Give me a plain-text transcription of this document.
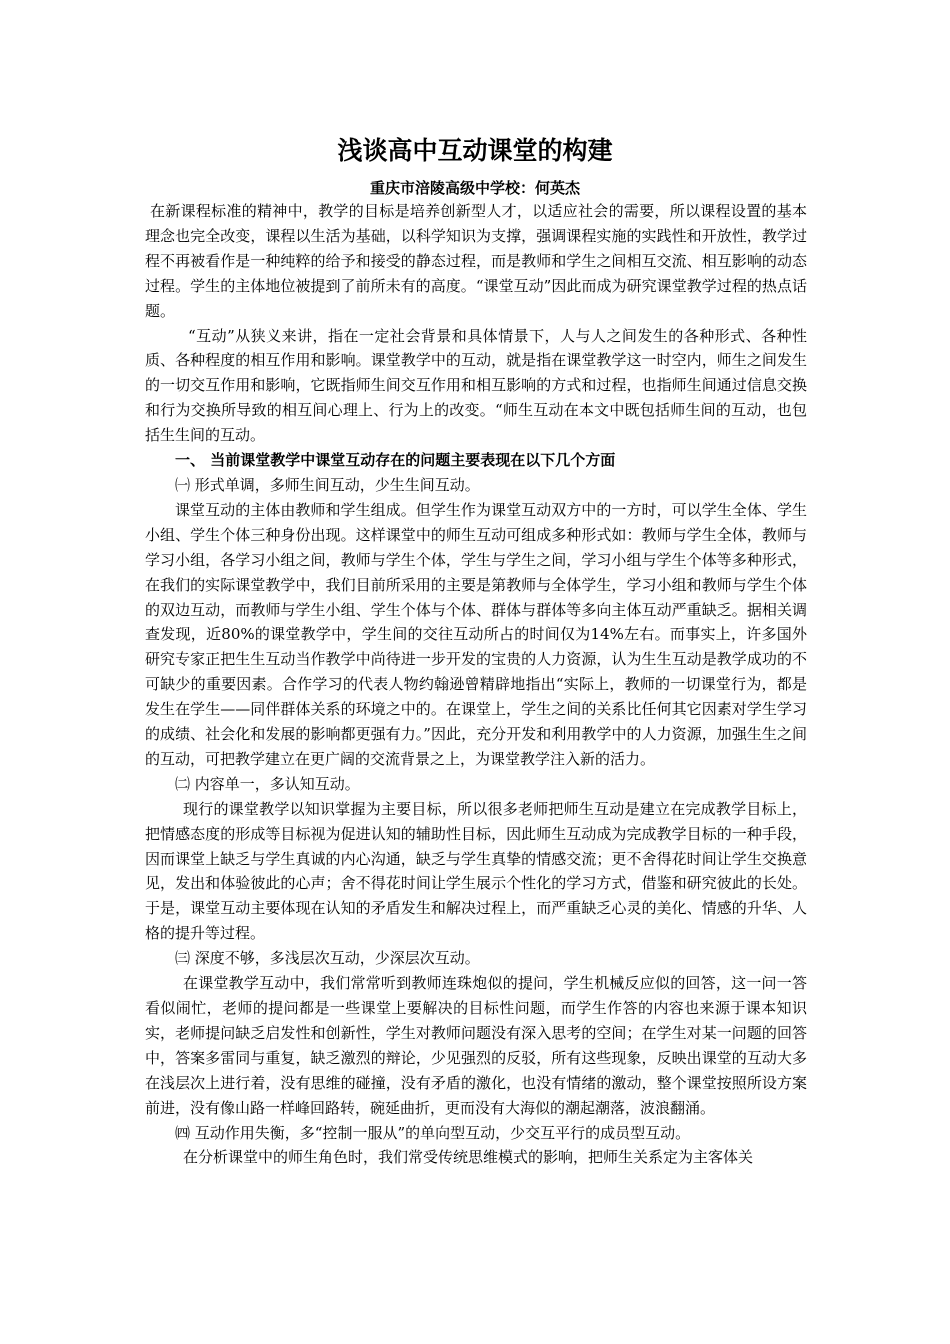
浅谈高中互动课堂的构建
重庆市涪陵高级中学校：何英杰

在新课程标准的精神中，教学的目标是培养创新型人才，以适应社会的需要，所以课程设置的基本理念也完全改变，课程以生活为基础，以科学知识为支撑，强调课程实施的实践性和开放性，教学过程不再被看作是一种纯粹的给予和接受的静态过程，而是教师和学生之间相互交流、相互影响的动态过程。学生的主体地位被提到了前所未有的高度。“课堂互动”因此而成为研究课堂教学过程的热点话题。

“互动”从狭义来讲，指在一定社会背景和具体情景下，人与人之间发生的各种形式、各种性质、各种程度的相互作用和影响。课堂教学中的互动，就是指在课堂教学这一时空内，师生之间发生的一切交互作用和影响，它既指师生间交互作用和相互影响的方式和过程，也指师生间通过信息交换和行为交换所导致的相互间心理上、行为上的改变。“师生互动在本文中既包括师生间的互动，也包括生生间的互动。

一、 当前课堂教学中课堂互动存在的问题主要表现在以下几个方面

㈠ 形式单调，多师生间互动，少生生间互动。

课堂互动的主体由教师和学生组成。但学生作为课堂互动双方中的一方时，可以学生全体、学生小组、学生个体三种身份出现。这样课堂中的师生互动可组成多种形式如：教师与学生全体，教师与 学习小组，各学习小组之间，教师与学生个体，学生与学生之间，学习小组与学生个体等多种形式，在我们的实际课堂教学中，我们目前所采用的主要是第教师与全体学生，学习小组和教师与学生个体 的双边互动，而教师与学生小组、学生个体与个体、群体与群体等多向主体互动严重缺乏。据相关调查发现，近80%的课堂教学中，学生间的交往互动所占的时间仅为14%左右。而事实上，许多国外研究专家正把生生互动当作教学中尚待进一步开发的宝贵的人力资源，认为生生互动是教学成功的不可缺少的重要因素。合作学习的代表人物约翰逊曾精辟地指出“实际上，教师的一切课堂行为，都是发生在学生——同伴群体关系的环境之中的。在课堂上，学生之间的关系比任何其它因素对学生学习的成绩、社会化和发展的影响都更强有力。”因此，充分开发和利用教学中的人力资源，加强生生之间的互动，可把教学建立在更广阔的交流背景之上，为课堂教学注入新的活力。

㈡ 内容单一，多认知互动。

现行的课堂教学以知识掌握为主要目标，所以很多老师把师生互动是建立在完成教学目标上，把情感态度的形成等目标视为促进认知的辅助性目标，因此师生互动成为完成教学目标的一种手段，因而课堂上缺乏与学生真诚的内心沟通，缺乏与学生真挚的情感交流；更不舍得花时间让学生交换意见，发出和体验彼此的心声；舍不得花时间让学生展示个性化的学习方式，借鉴和研究彼此的长处。于是，课堂互动主要体现在认知的矛盾发生和解决过程上，而严重缺乏心灵的美化、情感的升华、人格的提升等过程。

㈢ 深度不够，多浅层次互动，少深层次互动。

在课堂教学互动中，我们常常听到教师连珠炮似的提问，学生机械反应似的回答，这一问一答看似闹忙，老师的提问都是一些课堂上要解决的目标性问题，而学生作答的内容也来源于课本知识实，老师提问缺乏启发性和创新性，学生对教师问题没有深入思考的空间；在学生对某一问题的回答中，答案多雷同与重复，缺乏激烈的辩论，少见强烈的反驳，所有这些现象，反映出课堂的互动大多在浅层次上进行着，没有思维的碰撞，没有矛盾的激化，也没有情绪的激动，整个课堂按照所设方案前进，没有像山路一样峰回路转，碗延曲折，更而没有大海似的潮起潮落，波浪翻涌。

㈣ 互动作用失衡，多“控制一服从”的单向型互动，少交互平行的成员型互动。

在分析课堂中的师生角色时，我们常受传统思维模式的影响，把师生关系定为主客体关
